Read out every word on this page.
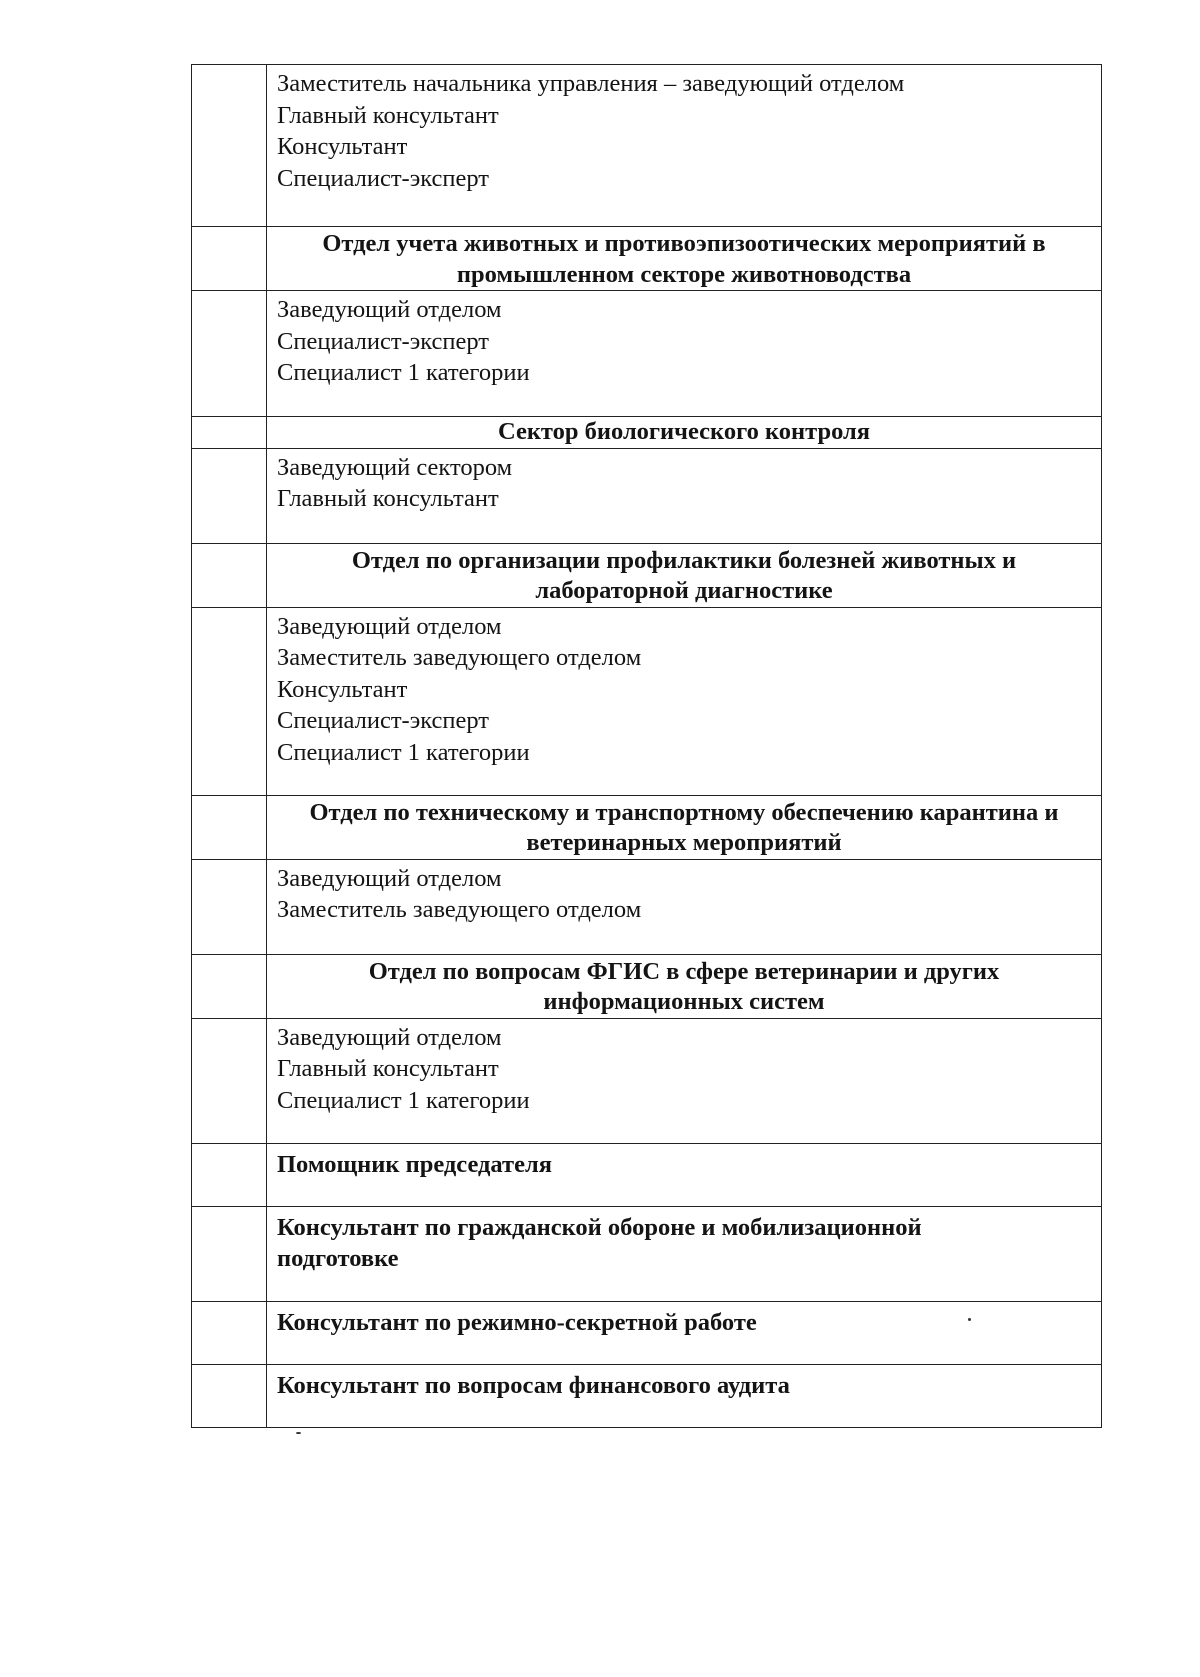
	Заместитель начальника управления – заведующий отделом
Главный консультант
Консультант
Специалист-эксперт

	Отдел учета животных и противоэпизоотических мероприятий в промышленном секторе животноводства

	Заведующий отделом
Специалист-эксперт
Специалист 1 категории

	Сектор биологического контроля

	Заведующий сектором
Главный консультант

	Отдел по организации профилактики болезней животных и лабораторной диагностике

	Заведующий отделом
Заместитель заведующего отделом
Консультант
Специалист-эксперт
Специалист 1 категории

	Отдел по техническому и транспортному обеспечению карантина и ветеринарных мероприятий

	Заведующий отделом
Заместитель заведующего отделом

	Отдел по вопросам ФГИС в сфере ветеринарии и других информационных систем

	Заведующий отделом
Главный консультант
Специалист 1 категории

	Помощник председателя

	Консультант по гражданской обороне и мобилизационной подготовке

	Консультант по режимно-секретной работе

	Консультант по вопросам финансового аудита
